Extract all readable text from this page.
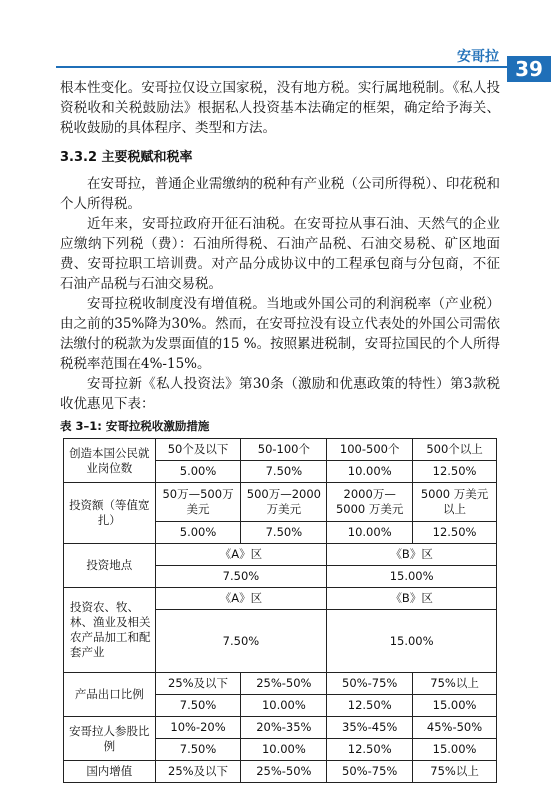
安哥拉 39

根本性变化。安哥拉仅设立国家税，没有地方税。实行属地税制。《私人投资税收和关税鼓励法》根据私人投资基本法确定的框架，确定给予海关、税收鼓励的具体程序、类型和方法。

3.3.2 主要税赋和税率

在安哥拉，普通企业需缴纳的税种有产业税（公司所得税）、印花税和个人所得税。

近年来，安哥拉政府开征石油税。在安哥拉从事石油、天然气的企业应缴纳下列税（费）：石油所得税、石油产品税、石油交易税、矿区地面费、安哥拉职工培训费。对产品分成协议中的工程承包商与分包商，不征石油产品税与石油交易税。

安哥拉税收制度没有增值税。当地或外国公司的利润税率（产业税）由之前的35%降为30%。然而，在安哥拉没有设立代表处的外国公司需依法缴付的税款为发票面值的15 %。按照累进税制，安哥拉国民的个人所得税税率范围在4%-15%。

安哥拉新《私人投资法》第30条（激励和优惠政策的特性）第3款税收优惠见下表：

表 3–1: 安哥拉税收激励措施

创造本国公民就业岗位数	50个及以下	50-100个	100-500个	500个以上
	5.00%	7.50%	10.00%	12.50%
投资额（等值宽扎）	50万—500万美元	500万—2000万美元	2000万—5000 万美元	5000 万美元以上
	5.00%	7.50%	10.00%	12.50%
投资地点	《A》区		《B》区	
	7.50%		15.00%	
投资农、牧、林、渔业及相关农产品加工和配套产业	《A》区		《B》区	
	7.50%		15.00%	
产品出口比例	25%及以下	25%-50%	50%-75%	75%以上
	7.50%	10.00%	12.50%	15.00%
安哥拉人参股比例	10%-20%	20%-35%	35%-45%	45%-50%
	7.50%	10.00%	12.50%	15.00%
国内增值	25%及以下	25%-50%	50%-75%	75%以上
